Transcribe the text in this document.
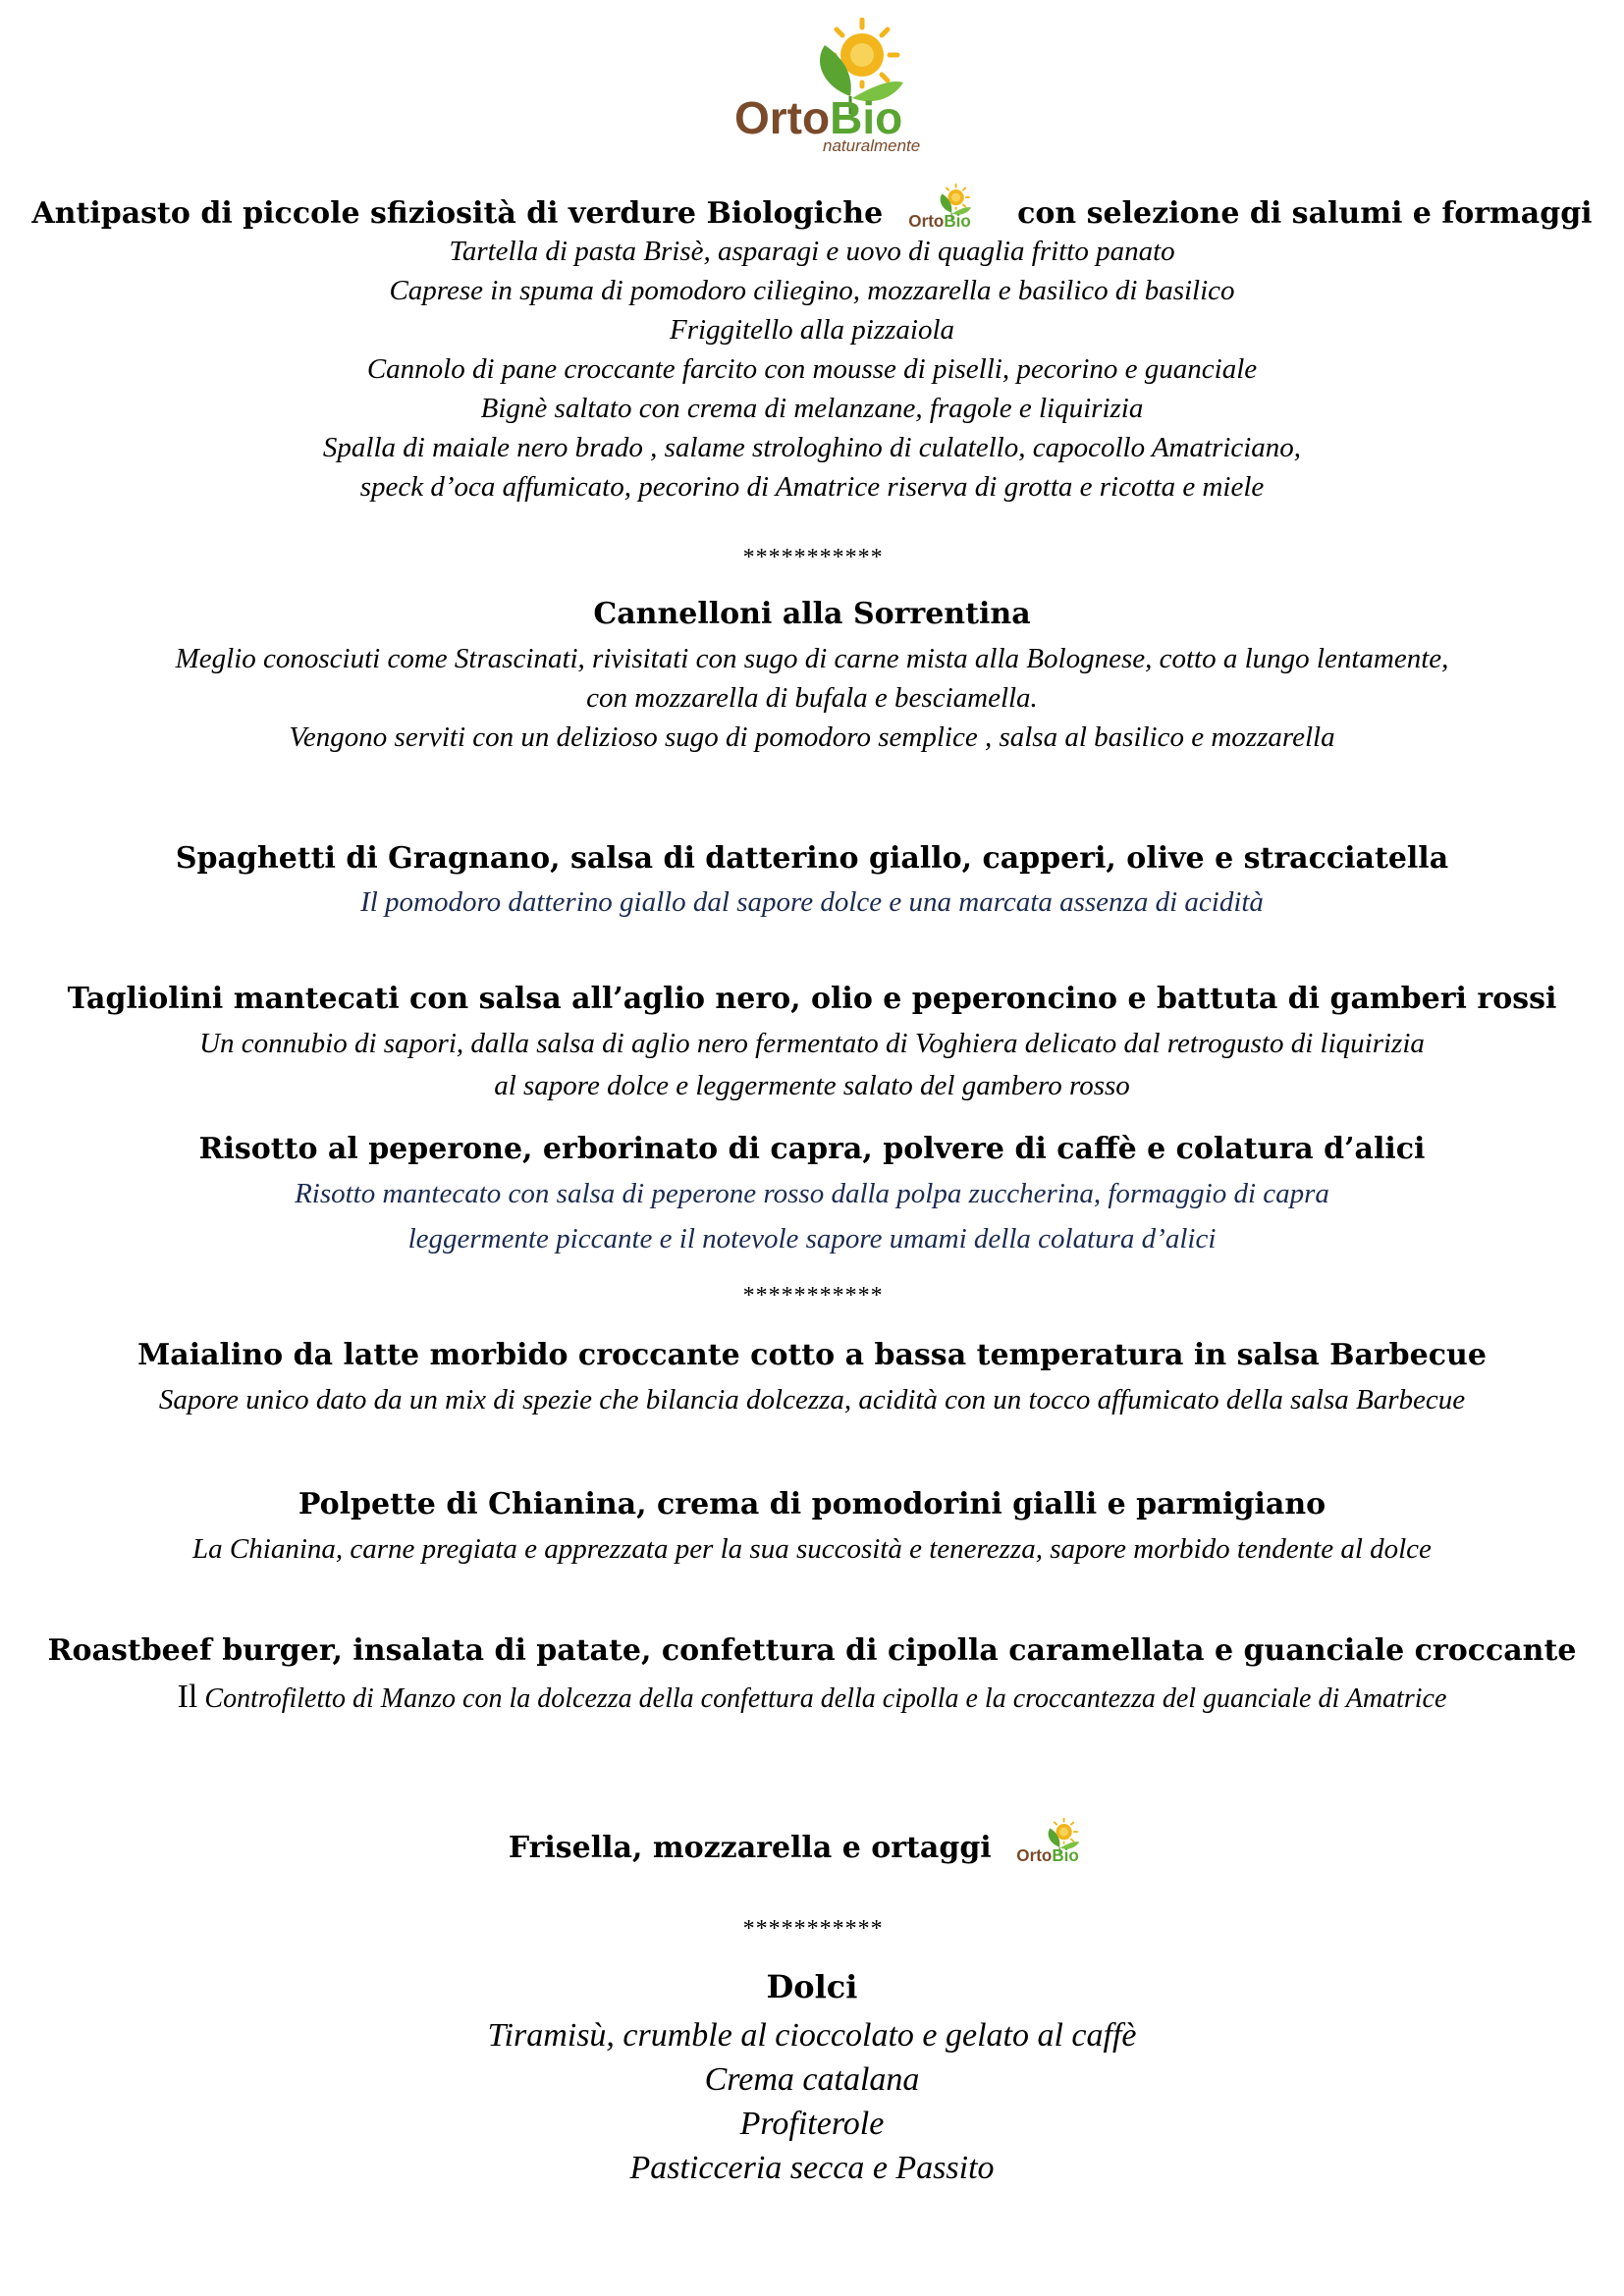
OrtoBio
naturalmente
Antipasto di piccole sfiziosità di verdure Biologiche OrtoBio con selezione di salumi e formaggi
Tartella di pasta Brisè, asparagi e uovo di quaglia fritto panato
Caprese in spuma di pomodoro ciliegino, mozzarella e basilico di basilico
Friggitello alla pizzaiola
Cannolo di pane croccante farcito con mousse di piselli, pecorino e guanciale
Bignè saltato con crema di melanzane, fragole e liquirizia
Spalla di maiale nero brado , salame strologhino di culatello, capocollo Amatriciano,
speck d’oca affumicato, pecorino di Amatrice riserva di grotta e ricotta e miele
***********
Cannelloni alla Sorrentina
Meglio conosciuti come Strascinati, rivisitati con sugo di carne mista alla Bolognese, cotto a lungo lentamente,
con mozzarella di bufala e besciamella.
Vengono serviti con un delizioso sugo di pomodoro semplice , salsa al basilico e mozzarella
Spaghetti di Gragnano, salsa di datterino giallo, capperi, olive e stracciatella
Il pomodoro datterino giallo dal sapore dolce e una marcata assenza di acidità
Tagliolini mantecati con salsa all’aglio nero, olio e peperoncino e battuta di gamberi rossi
Un connubio di sapori, dalla salsa di aglio nero fermentato di Voghiera delicato dal retrogusto di liquirizia
al sapore dolce e leggermente salato del gambero rosso
Risotto al peperone, erborinato di capra, polvere di caffè e colatura d’alici
Risotto mantecato con salsa di peperone rosso dalla polpa zuccherina, formaggio di capra
leggermente piccante e il notevole sapore umami della colatura d’alici
***********
Maialino da latte morbido croccante cotto a bassa temperatura in salsa Barbecue
Sapore unico dato da un mix di spezie che bilancia dolcezza, acidità con un tocco affumicato della salsa Barbecue
Polpette di Chianina, crema di pomodorini gialli e parmigiano
La Chianina, carne pregiata e apprezzata per la sua succosità e tenerezza, sapore morbido tendente al dolce
Roastbeef burger, insalata di patate, confettura di cipolla caramellata e guanciale croccante
Il Controfiletto di Manzo con la dolcezza della confettura della cipolla e la croccantezza del guanciale di Amatrice
Frisella, mozzarella e ortaggi OrtoBio
***********
Dolci
Tiramisù, crumble al cioccolato e gelato al caffè
Crema catalana
Profiterole
Pasticceria secca e Passito
